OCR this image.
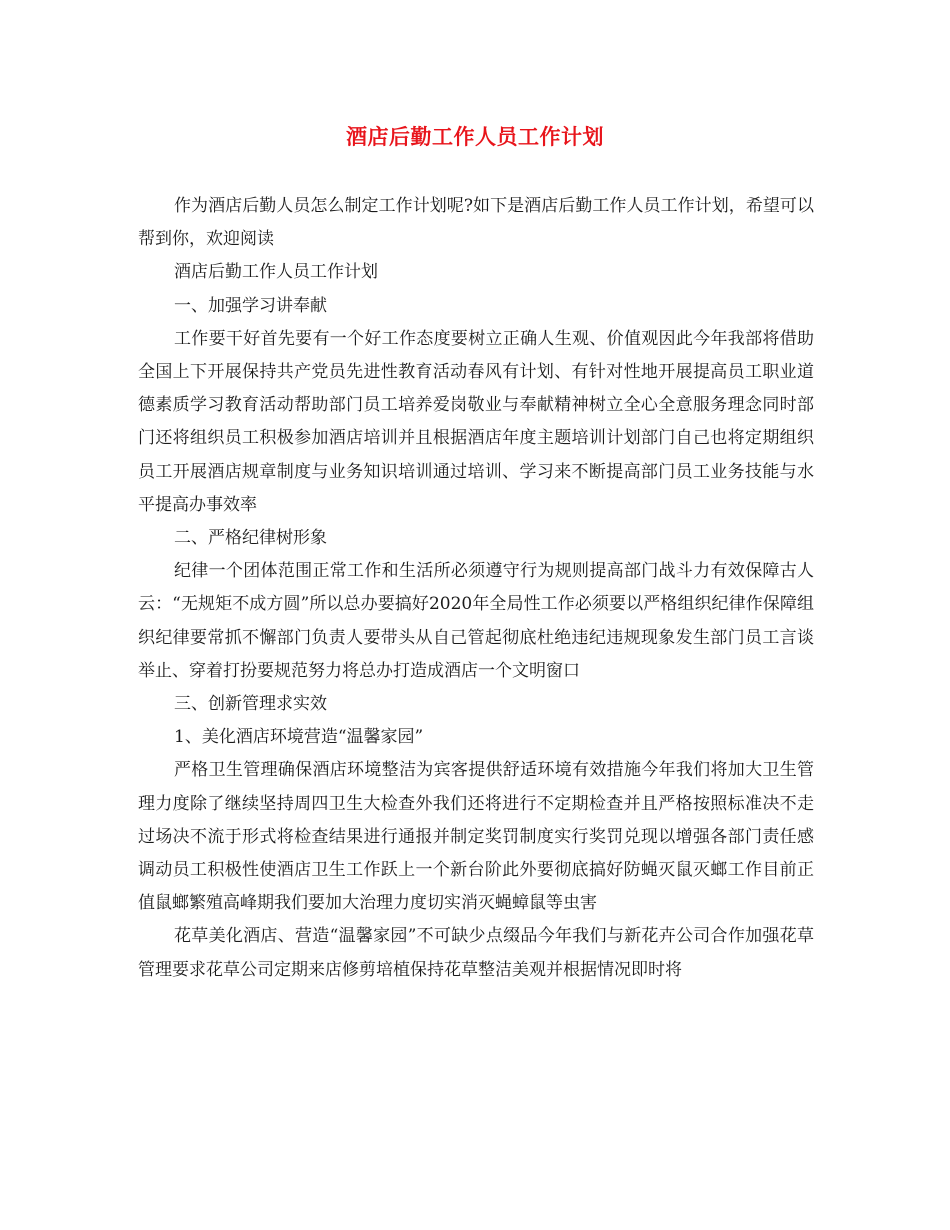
酒店后勤工作人员工作计划

作为酒店后勤人员怎么制定工作计划呢?如下是酒店后勤工作人员工作计划，希望可以帮到你，欢迎阅读

酒店后勤工作人员工作计划

一、加强学习讲奉献

工作要干好首先要有一个好工作态度要树立正确人生观、价值观因此今年我部将借助全国上下开展保持共产党员先进性教育活动春风有计划、有针对性地开展提高员工职业道德素质学习教育活动帮助部门员工培养爱岗敬业与奉献精神树立全心全意服务理念同时部门还将组织员工积极参加酒店培训并且根据酒店年度主题培训计划部门自己也将定期组织员工开展酒店规章制度与业务知识培训通过培训、学习来不断提高部门员工业务技能与水平提高办事效率

二、严格纪律树形象

纪律一个团体范围正常工作和生活所必须遵守行为规则提高部门战斗力有效保障古人云：“无规矩不成方圆”所以总办要搞好2020年全局性工作必须要以严格组织纪律作保障组织纪律要常抓不懈部门负责人要带头从自己管起彻底杜绝违纪违规现象发生部门员工言谈举止、穿着打扮要规范努力将总办打造成酒店一个文明窗口

三、创新管理求实效

1、美化酒店环境营造“温馨家园”

严格卫生管理确保酒店环境整洁为宾客提供舒适环境有效措施今年我们将加大卫生管理力度除了继续坚持周四卫生大检查外我们还将进行不定期检查并且严格按照标准决不走过场决不流于形式将检查结果进行通报并制定奖罚制度实行奖罚兑现以增强各部门责任感调动员工积极性使酒店卫生工作跃上一个新台阶此外要彻底搞好防蝇灭鼠灭螂工作目前正值鼠螂繁殖高峰期我们要加大治理力度切实消灭蝇蟑鼠等虫害

花草美化酒店、营造“温馨家园”不可缺少点缀品今年我们与新花卉公司合作加强花草管理要求花草公司定期来店修剪培植保持花草整洁美观并根据情况即时将
